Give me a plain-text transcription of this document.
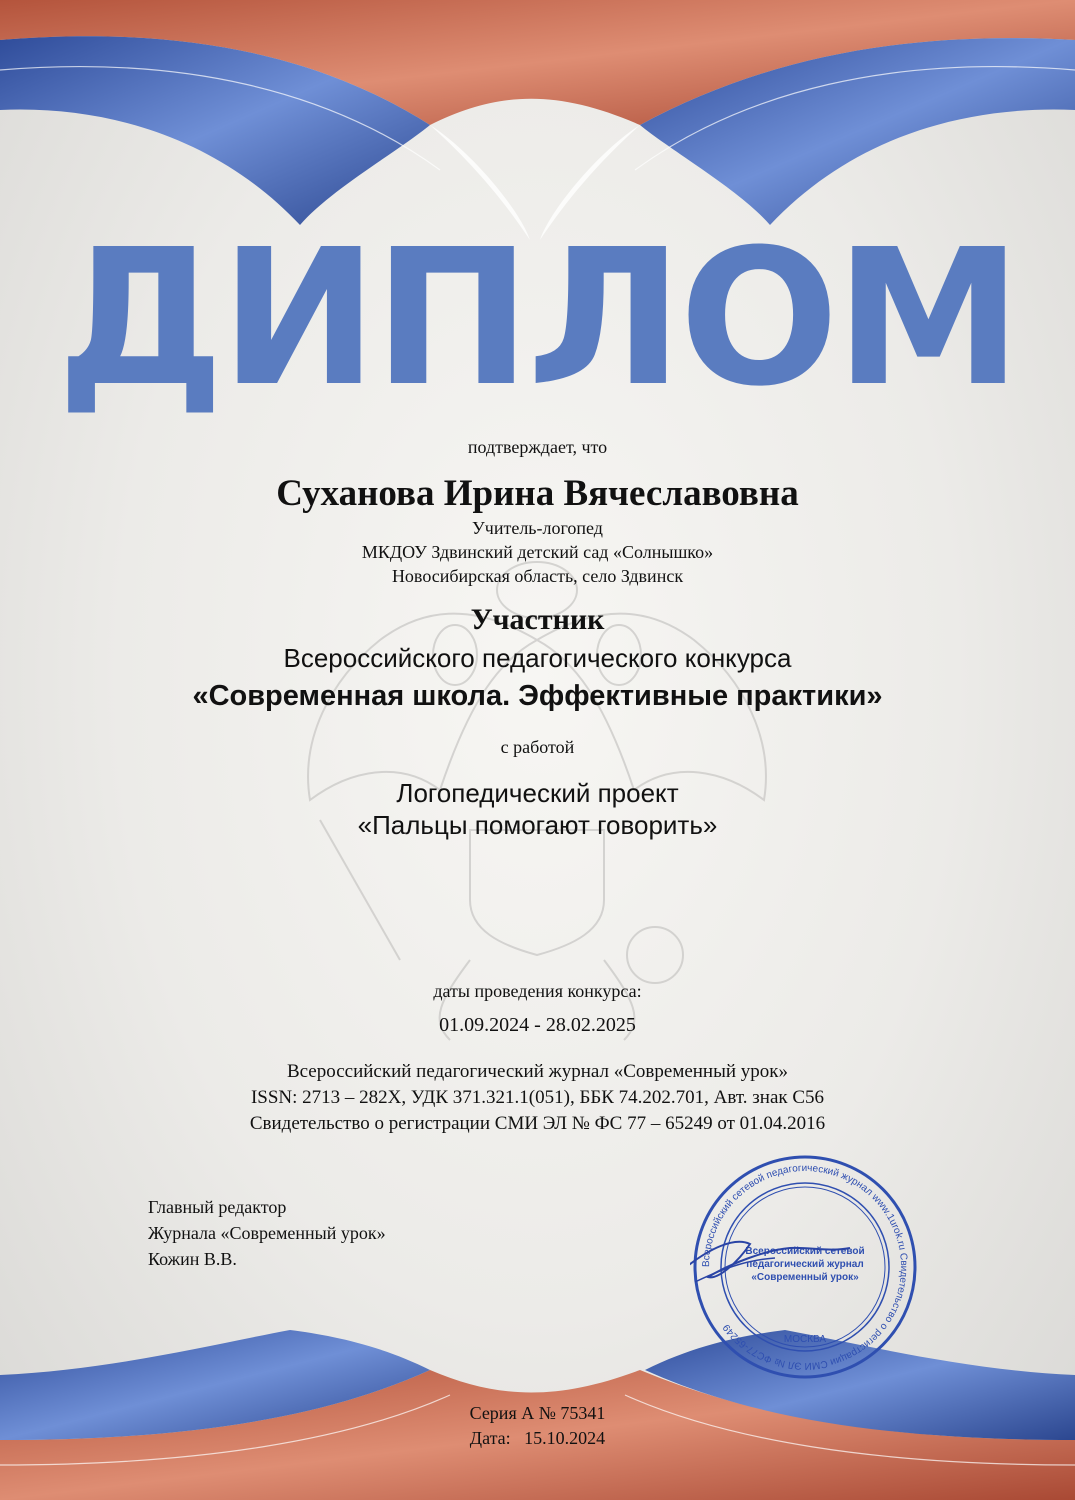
ДИПЛОМ
подтверждает, что
Суханова Ирина Вячеславовна
Учитель-логопед
МКДОУ Здвинский детский сад «Солнышко»
Новосибирская область, село Здвинск
Участник
Всероссийского педагогического конкурса
«Современная школа. Эффективные практики»
с работой
Логопедический проект
«Пальцы помогают говорить»
даты проведения конкурса:
01.09.2024 - 28.02.2025
Всероссийский педагогический журнал «Современный урок»
ISSN: 2713 – 282X, УДК 371.321.1(051), ББК 74.202.701, Авт. знак С56
Свидетельство о регистрации СМИ ЭЛ № ФС 77 – 65249 от 01.04.2016
Главный редактор
Журнала «Современный урок»
Кожин В.В.	Всероссийский сетевой педагогический журнал www.1urok.ru Свидетельство о регистрации СМИ ЭЛ № ФС77-65249
Всероссийский сетевой
педагогический журнал
«Современный урок»
МОСКВА
Серия А № 75341
Дата:   15.10.2024
